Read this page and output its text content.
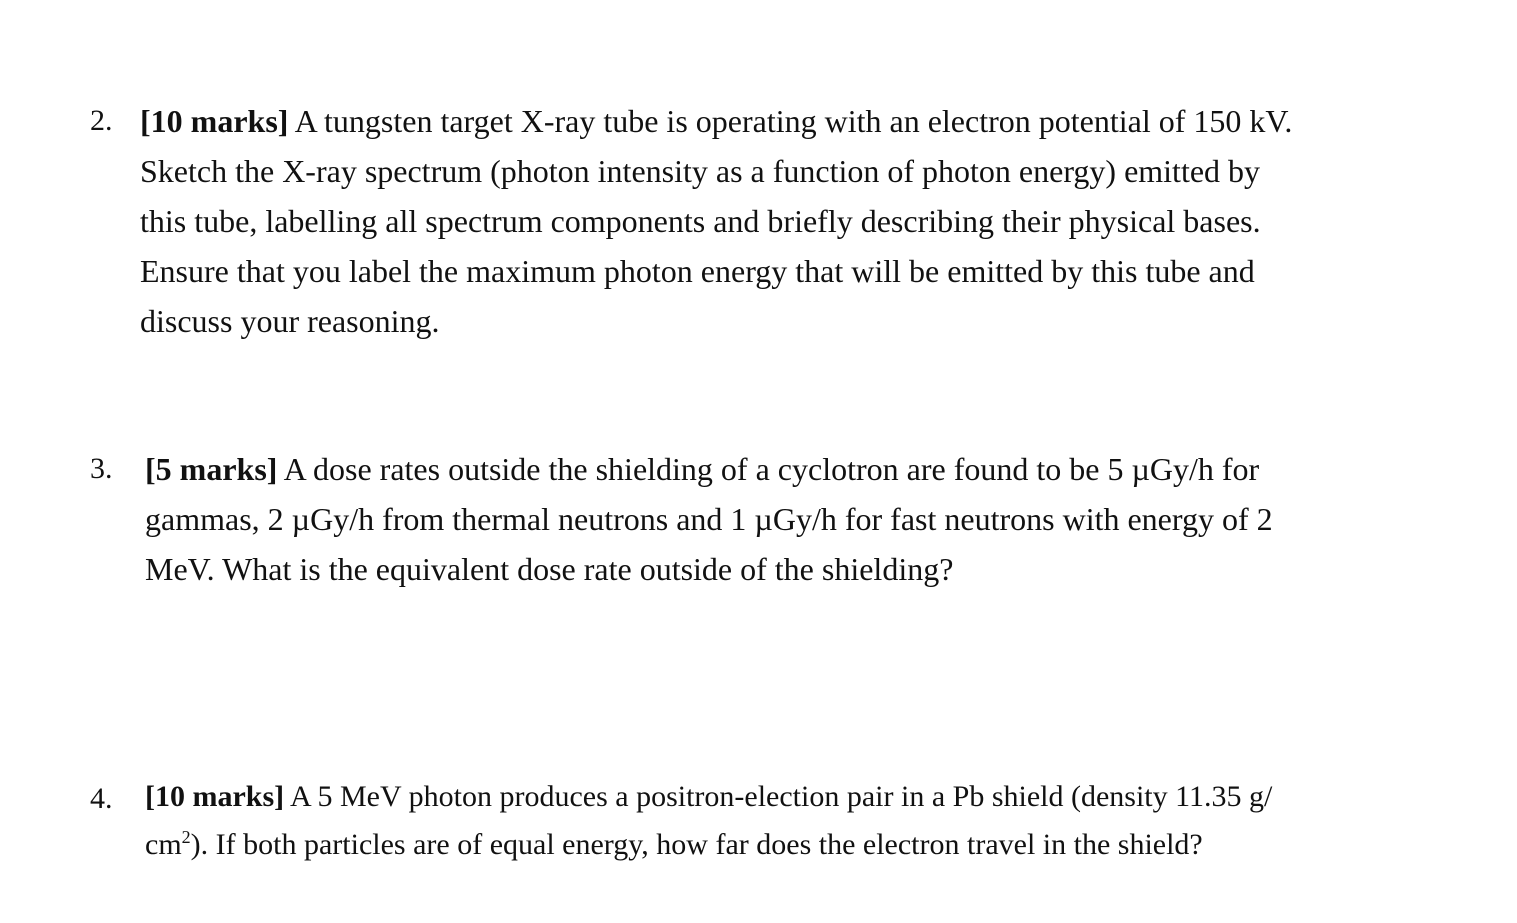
2. [10 marks] A tungsten target X-ray tube is operating with an electron potential of 150 kV.
Sketch the X-ray spectrum (photon intensity as a function of photon energy) emitted by
this tube, labelling all spectrum components and briefly describing their physical bases.
Ensure that you label the maximum photon energy that will be emitted by this tube and
discuss your reasoning.
3. [5 marks] A dose rates outside the shielding of a cyclotron are found to be 5 µGy/h for
gammas, 2 µGy/h from thermal neutrons and 1 µGy/h for fast neutrons with energy of 2
MeV. What is the equivalent dose rate outside of the shielding?
4. [10 marks] A 5 MeV photon produces a positron-election pair in a Pb shield (density 11.35 g/
$cm^2$). If both particles are of equal energy, how far does the electron travel in the shield?
